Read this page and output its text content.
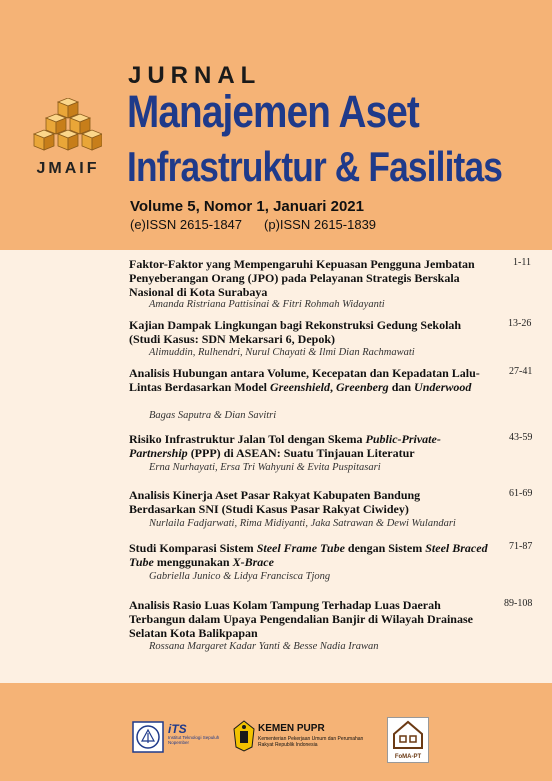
JMAIF
JURNAL
Manajemen Aset
Infrastruktur & Fasilitas
Volume 5, Nomor 1, Januari 2021
(e)ISSN 2615-1847 (p)ISSN 2615-1839
Faktor-Faktor yang Mempengaruhi Kepuasan Pengguna Jembatan Penyeberangan Orang (JPO) pada Pelayanan Strategis Berskala Nasional di Kota Surabaya
Amanda Ristriana Pattisinai & Fitri Rohmah Widayanti
1-11
Kajian Dampak Lingkungan bagi Rekonstruksi Gedung Sekolah (Studi Kasus: SDN Mekarsari 6, Depok)
Alimuddin, Rulhendri, Nurul Chayati & Ilmi Dian Rachmawati
13-26
Analisis Hubungan antara Volume, Kecepatan dan Kepadatan Lalu-Lintas Berdasarkan Model Greenshield, Greenberg dan Underwood
Bagas Saputra & Dian Savitri
27-41
Risiko Infrastruktur Jalan Tol dengan Skema Public-Private-Partnership (PPP) di ASEAN: Suatu Tinjauan Literatur
Erna Nurhayati, Ersa Tri Wahyuni & Evita Puspitasari
43-59
Analisis Kinerja Aset Pasar Rakyat Kabupaten Bandung Berdasarkan SNI (Studi Kasus Pasar Rakyat Ciwidey)
Nurlaila Fadjarwati, Rima Midiyanti, Jaka Satrawan & Dewi Wulandari
61-69
Studi Komparasi Sistem Steel Frame Tube dengan Sistem Steel Braced Tube menggunakan X-Brace
Gabriella Junico & Lidya Francisca Tjong
71-87
Analisis Rasio Luas Kolam Tampung Terhadap Luas Daerah Terbangun dalam Upaya Pengendalian Banjir di Wilayah Drainase Selatan Kota Balikpapan
Rossana Margaret Kadar Yanti & Besse Nadia Irawan
89-108
iTS
Institut Teknologi Sepuluh Nopember
KEMEN PUPR
Kementerian Pekerjaan Umum dan Perumahan Rakyat Republik Indonesia
FoMA-PT
